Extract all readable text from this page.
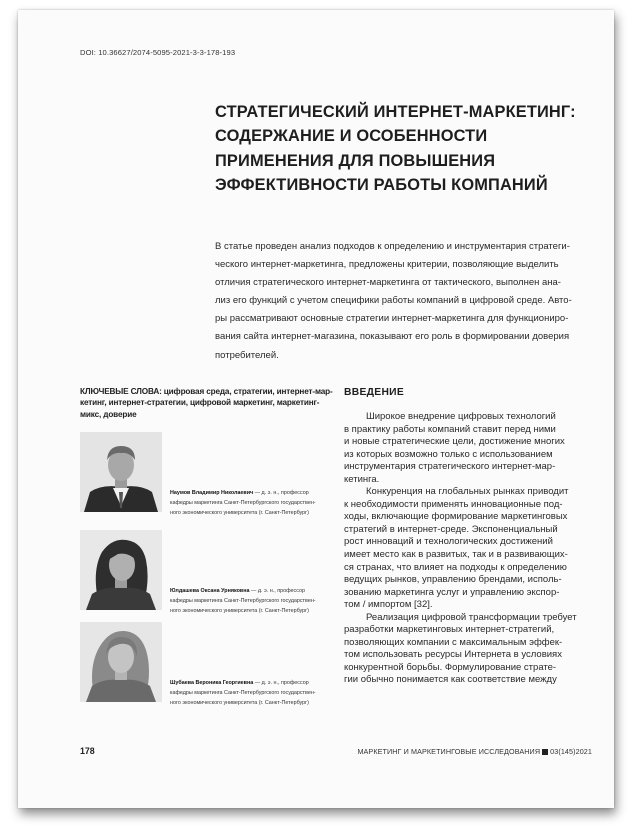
DOI: 10.36627/2074-5095-2021-3-3-178-193
СТРАТЕГИЧЕСКИЙ ИНТЕРНЕТ-МАРКЕТИНГ:
СОДЕРЖАНИЕ И ОСОБЕННОСТИ
ПРИМЕНЕНИЯ ДЛЯ ПОВЫШЕНИЯ
ЭФФЕКТИВНОСТИ РАБОТЫ КОМПАНИЙ
В статье проведен анализ подходов к определению и инструментария стратеги-
ческого интернет-маркетинга, предложены критерии, позволяющие выделить
отличия стратегического интернет-маркетинга от тактического, выполнен ана-
лиз его функций с учетом специфики работы компаний в цифровой среде. Авто-
ры рассматривают основные стратегии интернет-маркетинга для функциониро-
вания сайта интернет-магазина, показывают его роль в формировании доверия
потребителей.
КЛЮЧЕВЫЕ СЛОВА: цифровая среда, стратегии, интернет-мар-
кетинг, интернет-стратегии, цифровой маркетинг, маркетинг-
микс, доверие
Наумов Владимир Николаевич — д. э. н., профессор
кафедры маркетинга Санкт-Петербургского государствен-
ного экономического университета (г. Санкт-Петербург)
Юлдашева Оксана Урняковна — д. э. н., профессор
кафедры маркетинга Санкт-Петербургского государствен-
ного экономического университета (г. Санкт-Петербург)
Шубаева Вероника Георгиевна — д. э. н., профессор
кафедры маркетинга Санкт-Петербургского государствен-
ного экономического университета (г. Санкт-Петербург)
ВВЕДЕНИЕ

Широкое внедрение цифровых технологий
в практику работы компаний ставит перед ними
и новые стратегические цели, достижение многих
из которых возможно только с использованием
инструментария стратегического интернет-мар-
кетинга.

Конкуренция на глобальных рынках приводит
к необходимости применять инновационные под-
ходы, включающие формирование маркетинговых
стратегий в интернет-среде. Экспоненциальный
рост инноваций и технологических достижений
имеет место как в развитых, так и в развивающих-
ся странах, что влияет на подходы к определению
ведущих рынков, управлению брендами, исполь-
зованию маркетинга услуг и управлению экспор-
том / импортом [32].

Реализация цифровой трансформации требует
разработки маркетинговых интернет-стратегий,
позволяющих компании с максимальным эффек-
том использовать ресурсы Интернета в условиях
конкурентной борьбы. Формулирование страте-
гии обычно понимается как соответствие между

178	МАРКЕТИНГ И МАРКЕТИНГОВЫЕ ИССЛЕДОВАНИЯ 03(145)2021
